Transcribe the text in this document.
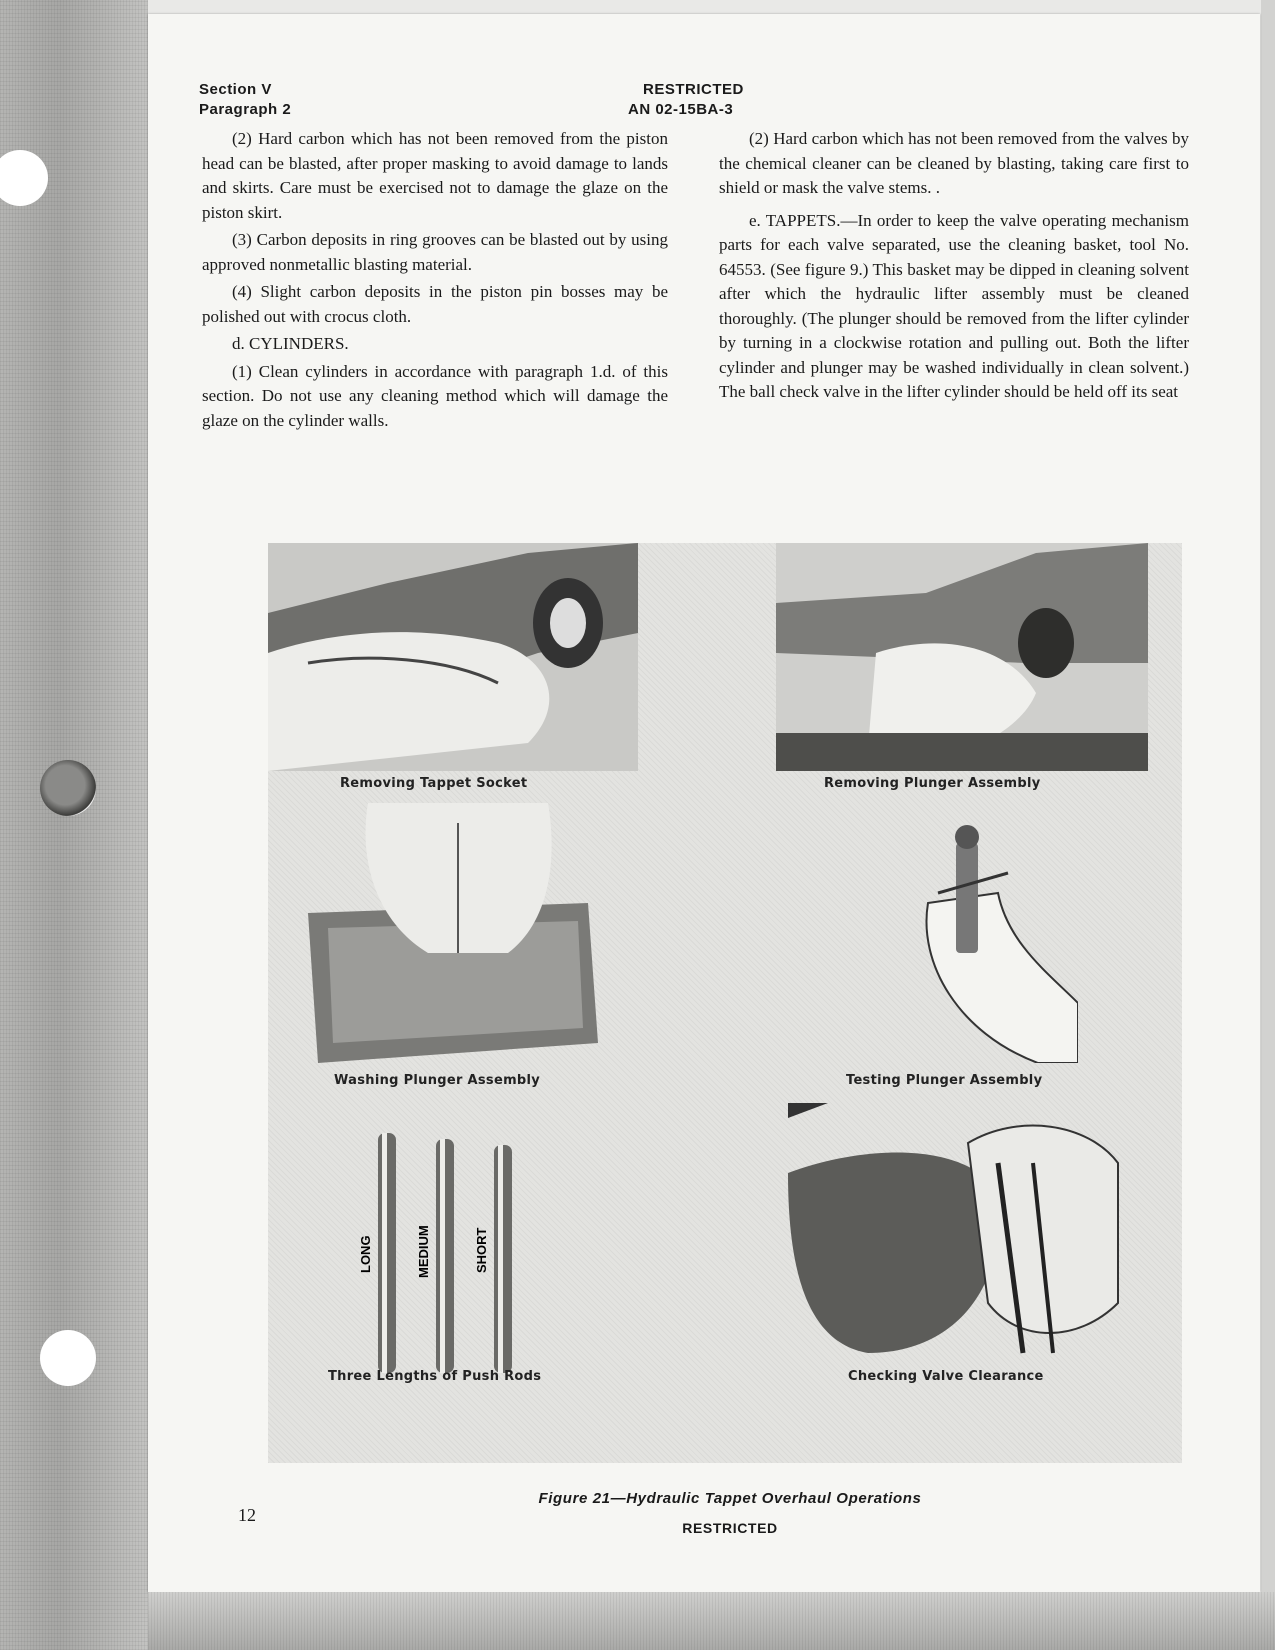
Section V
Paragraph 2
RESTRICTED
AN 02-15BA-3

(2) Hard carbon which has not been removed from the piston head can be blasted, after proper masking to avoid damage to lands and skirts. Care must be exercised not to damage the glaze on the piston skirt.

(3) Carbon deposits in ring grooves can be blasted out by using approved nonmetallic blasting material.

(4) Slight carbon deposits in the piston pin bosses may be polished out with crocus cloth.

d. CYLINDERS.

(1) Clean cylinders in accordance with paragraph 1.d. of this section. Do not use any cleaning method which will damage the glaze on the cylinder walls.

(2) Hard carbon which has not been removed from the valves by the chemical cleaner can be cleaned by blasting, taking care first to shield or mask the valve stems. .

e. TAPPETS.—In order to keep the valve operating mechanism parts for each valve separated, use the cleaning basket, tool No. 64553. (See figure 9.) This basket may be dipped in cleaning solvent after which the hydraulic lifter assembly must be cleaned thoroughly. (The plunger should be removed from the lifter cylinder by turning in a clockwise rotation and pulling out. Both the lifter cylinder and plunger may be washed individually in clean solvent.) The ball check valve in the lifter cylinder should be held off its seat

Removing Tappet Socket	Removing Plunger Assembly
Washing Plunger Assembly	Testing Plunger Assembly
LONG	MEDIUM	SHORT
Three Lengths of Push Rods	Checking Valve Clearance
12
Figure 21—Hydraulic Tappet Overhaul Operations
RESTRICTED
